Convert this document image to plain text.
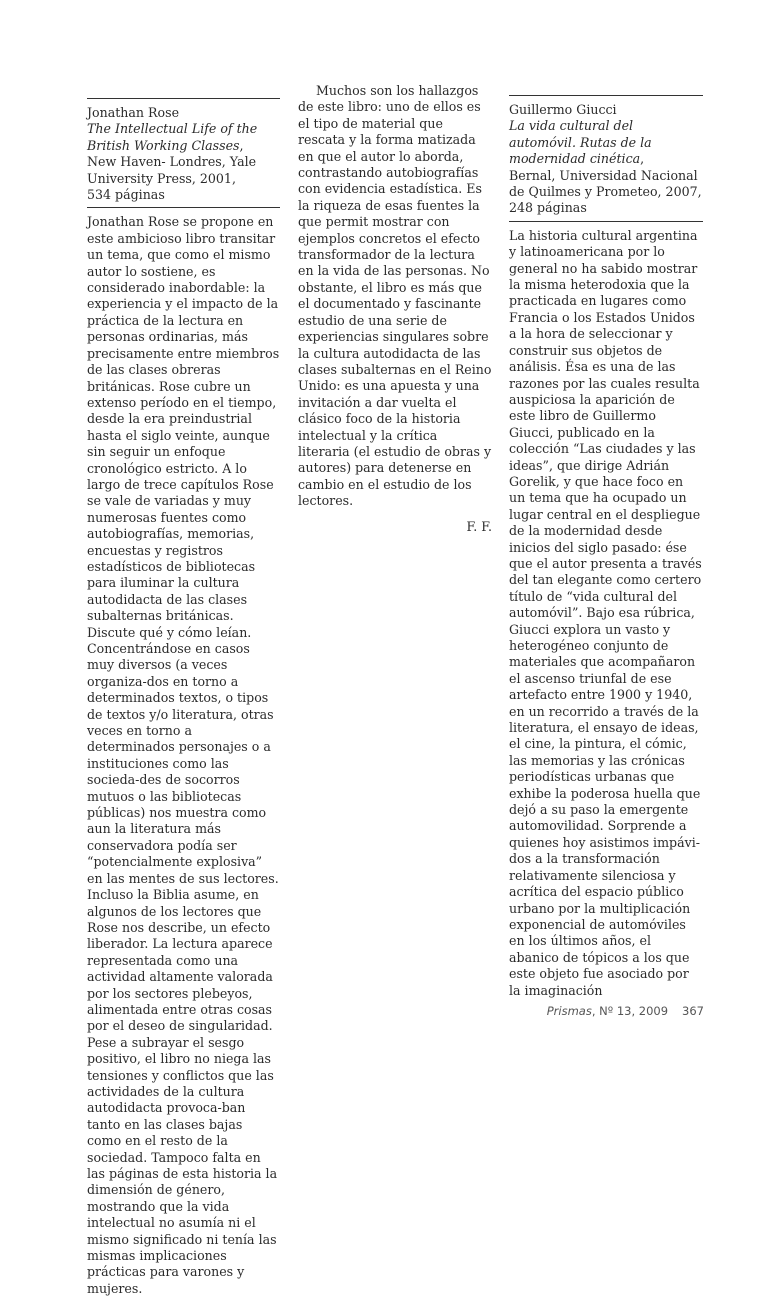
Jonathan Rose
The Intellectual Life of the British Working Classes,
New Haven- Londres, Yale
University Press, 2001,
534 páginas

Jonathan Rose se propone en este ambicioso libro transitar un tema, que como el mismo autor lo sostiene, es considerado inabordable: la experiencia y el impacto de la práctica de la lectura en personas ordinarias, más precisamente entre miembros de las clases obreras británicas. Rose cubre un extenso período en el tiempo, desde la era preindustrial hasta el siglo veinte, aunque sin seguir un enfoque cronológico estricto. A lo largo de trece capítulos Rose se vale de variadas y muy numerosas fuentes como autobiografías, memorias, encuestas y registros estadísticos de bibliotecas para iluminar la cultura autodidacta de las clases subalternas británicas. Discute qué y cómo leían. Concentrándose en casos muy diversos (a veces organiza-dos en torno a determinados textos, o tipos de textos y/o literatura, otras veces en torno a determinados personajes o a instituciones como las socieda-des de socorros mutuos o las bibliotecas públicas) nos muestra como aun la literatura más conservadora podía ser “potencialmente explosiva” en las mentes de sus lectores. Incluso la Biblia asume, en algunos de los lectores que Rose nos describe, un efecto liberador. La lectura aparece representada como una actividad altamente valorada por los sectores plebeyos, alimentada entre otras cosas por el deseo de singularidad. Pese a subrayar el sesgo positivo, el libro no niega las tensiones y conflictos que las actividades de la cultura autodidacta provoca-ban tanto en las clases bajas como en el resto de la sociedad. Tampoco falta en las páginas de esta historia la dimensión de género, mostrando que la vida intelectual no asumía ni el mismo significado ni tenía las mismas implicaciones prácticas para varones y mujeres.

Muchos son los hallazgos de este libro: uno de ellos es el tipo de material que rescata y la forma matizada en que el autor lo aborda, contrastando autobiografías con evidencia estadística. Es la riqueza de esas fuentes la que permit mostrar con ejemplos concretos el efecto transformador de la lectura en la vida de las personas. No obstante, el libro es más que el documentado y fascinante estudio de una serie de experiencias singulares sobre la cultura autodidacta de las clases subalternas en el Reino Unido: es una apuesta y una invitación a dar vuelta el clásico foco de la historia intelectual y la crítica literaria (el estudio de obras y autores) para detenerse en cambio en el estudio de los lectores.

F. F.
Guillermo Giucci
La vida cultural del automóvil. Rutas de la modernidad cinética,
Bernal, Universidad Nacional de Quilmes y Prometeo, 2007,
248 páginas

La historia cultural argentina y latinoamericana por lo general no ha sabido mostrar la misma heterodoxia que la practicada en lugares como Francia o los Estados Unidos a la hora de seleccionar y construir sus objetos de análisis. Ésa es una de las razones por las cuales resulta auspiciosa la aparición de este libro de Guillermo Giucci, publicado en la colección “Las ciudades y las ideas”, que dirige Adrián Gorelik, y que hace foco en un tema que ha ocupado un lugar central en el despliegue de la modernidad desde inicios del siglo pasado: ése que el autor presenta a través del tan elegante como certero título de “vida cultural del automóvil”. Bajo esa rúbrica, Giucci explora un vasto y heterogéneo conjunto de materiales que acompañaron el ascenso triunfal de ese artefacto entre 1900 y 1940, en un recorrido a través de la literatura, el ensayo de ideas, el cine, la pintura, el cómic, las memorias y las crónicas periodísticas urbanas que exhibe la poderosa huella que dejó a su paso la emergente automovilidad. Sorprende a quienes hoy asistimos impávi-dos a la transformación relativamente silenciosa y acrítica del espacio público urbano por la multiplicación exponencial de automóviles en los últimos años, el abanico de tópicos a los que este objeto fue asociado por la imaginación

Prismas, Nº 13, 2009 367
